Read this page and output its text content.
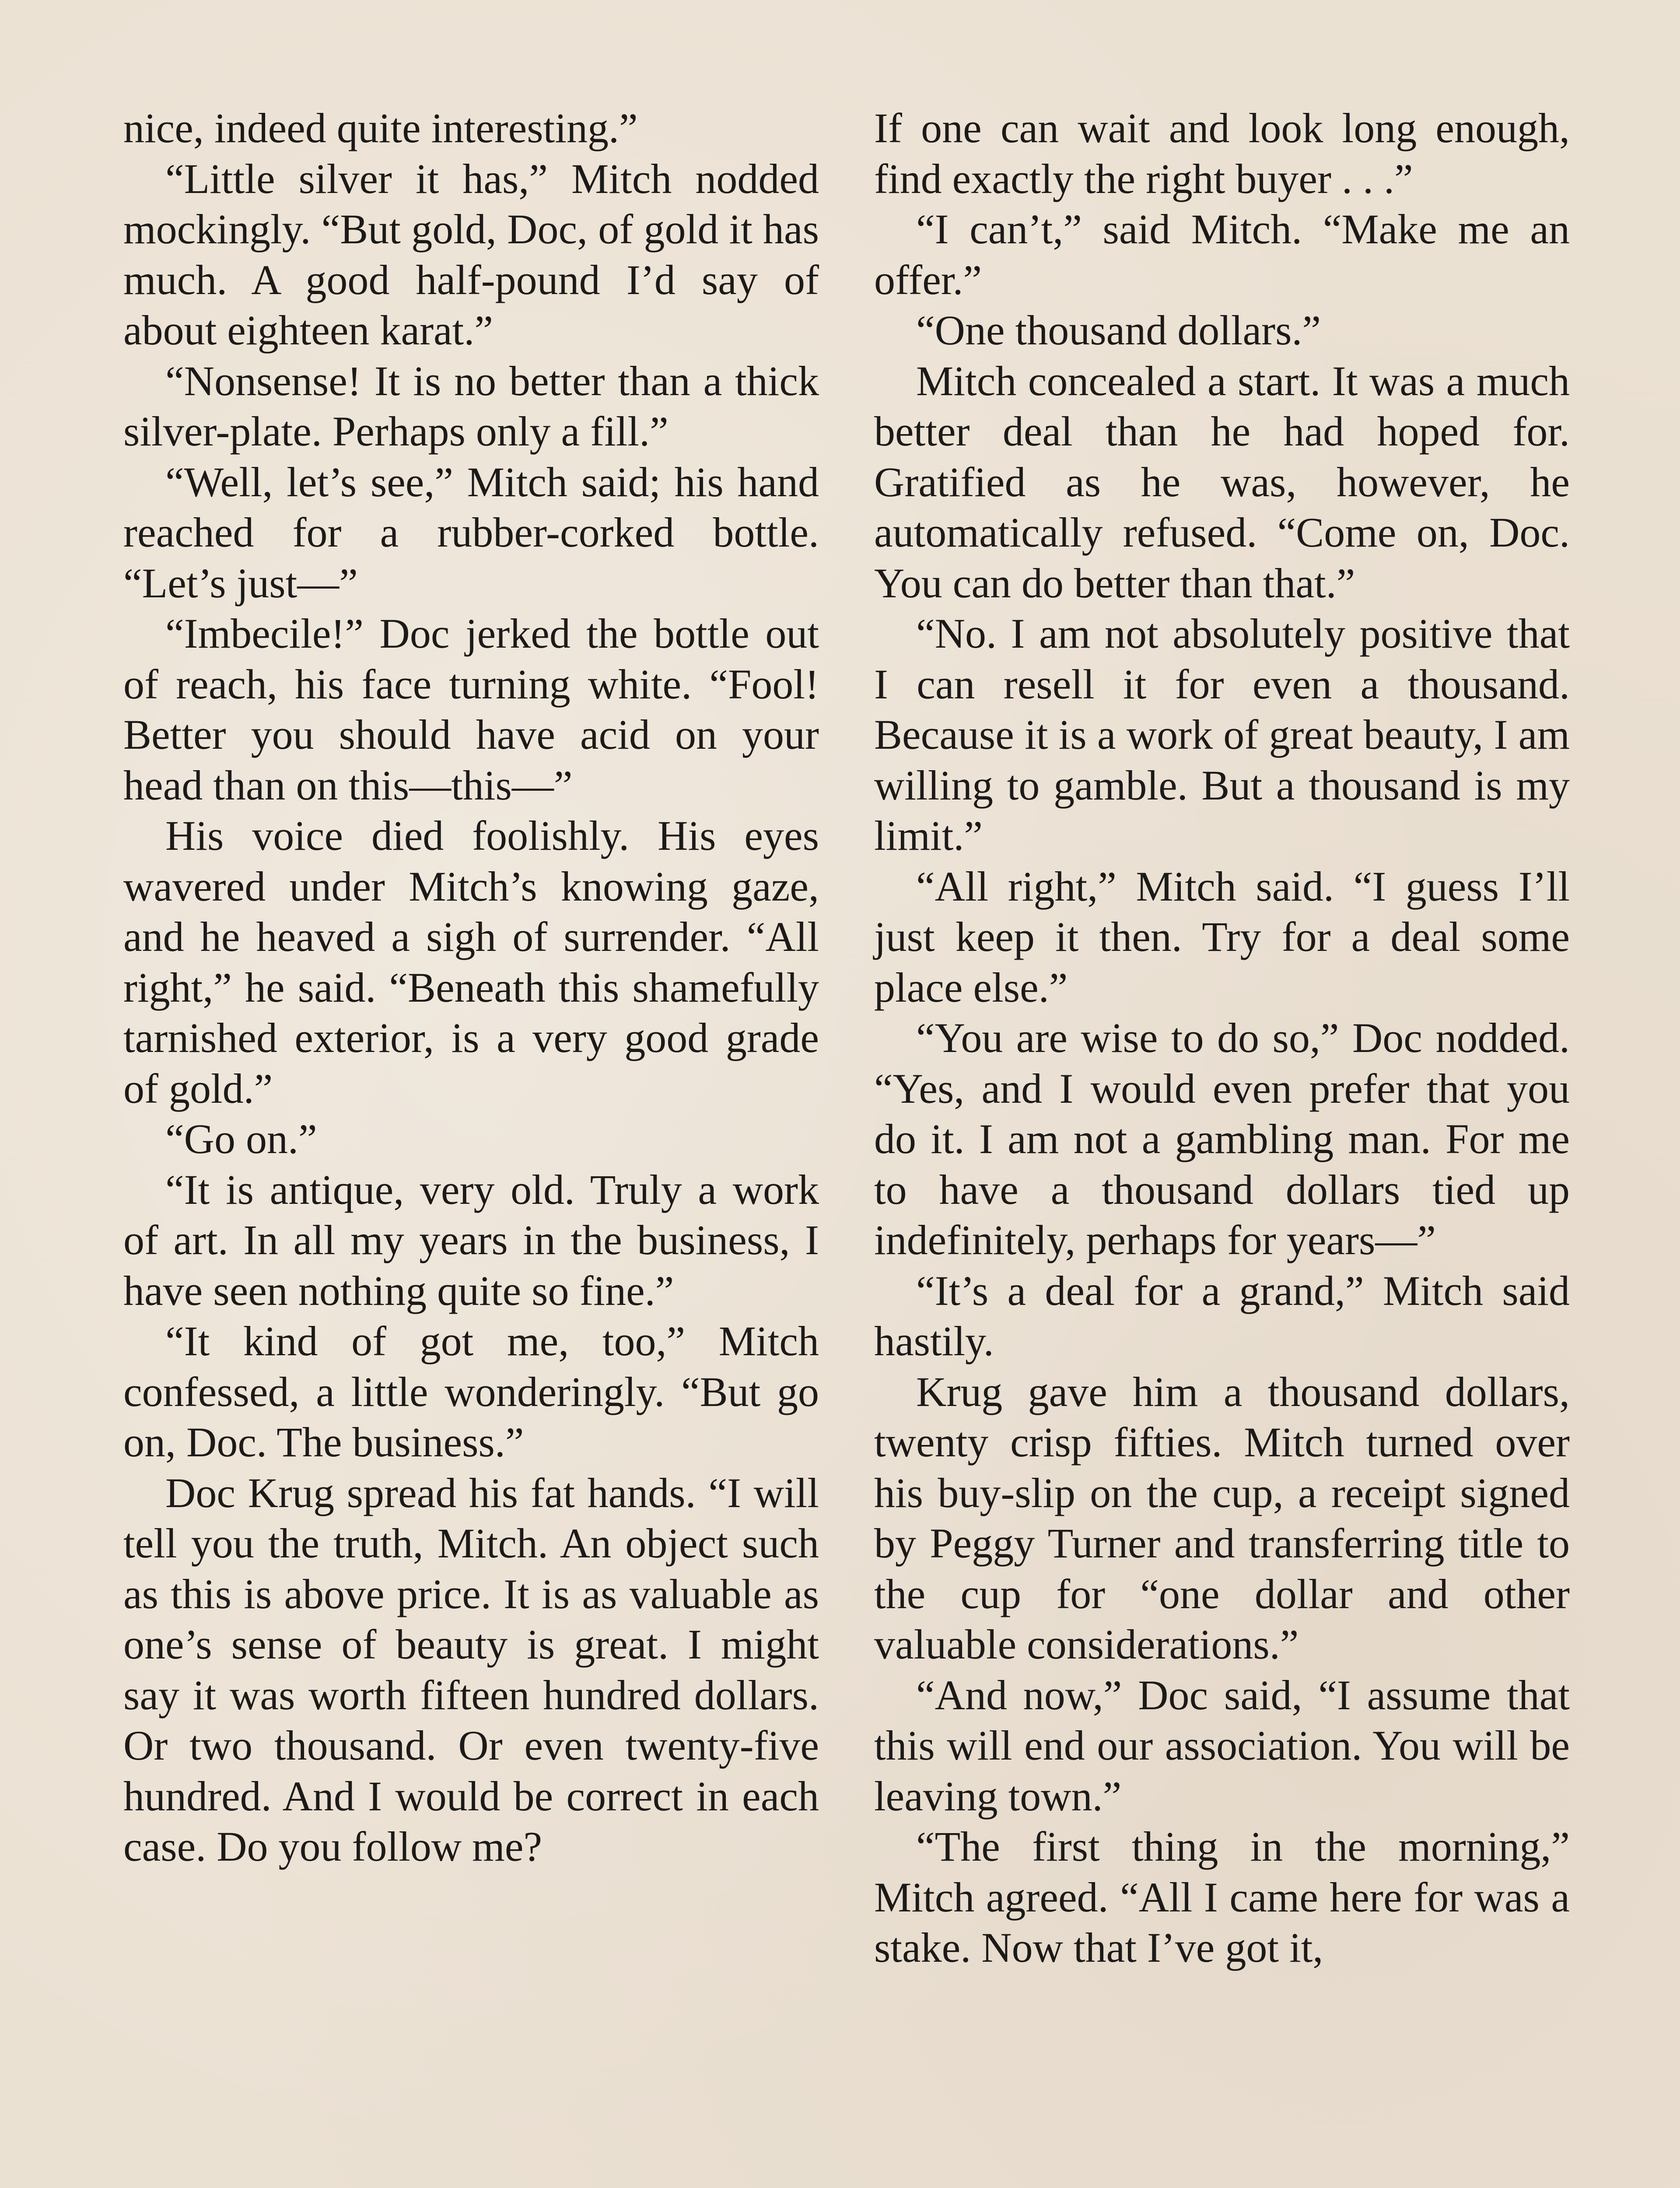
nice, indeed quite interesting.”

“Little silver it has,” Mitch nodded mockingly. “But gold, Doc, of gold it has much. A good half-pound I’d say of about eighteen karat.”

“Nonsense! It is no better than a thick silver-plate. Perhaps only a fill.”

“Well, let’s see,” Mitch said; his hand reached for a rubber-corked bottle. “Let’s just—”

“Imbecile!” Doc jerked the bottle out of reach, his face turning white. “Fool! Better you should have acid on your head than on this—this—”

His voice died foolishly. His eyes wavered under Mitch’s knowing gaze, and he heaved a sigh of surrender. “All right,” he said. “Beneath this shamefully tarnished exterior, is a very good grade of gold.”

“Go on.”

“It is antique, very old. Truly a work of art. In all my years in the business, I have seen nothing quite so fine.”

“It kind of got me, too,” Mitch confessed, a little wonderingly. “But go on, Doc. The business.”

Doc Krug spread his fat hands. “I will tell you the truth, Mitch. An object such as this is above price. It is as valuable as one’s sense of beauty is great. I might say it was worth fifteen hundred dollars. Or two thousand. Or even twenty-five hundred. And I would be correct in each case. Do you follow me?

If one can wait and look long enough, find exactly the right buyer . . .”

“I can’t,” said Mitch. “Make me an offer.”

“One thousand dollars.”

Mitch concealed a start. It was a much better deal than he had hoped for. Gratified as he was, however, he automatically refused. “Come on, Doc. You can do better than that.”

“No. I am not absolutely positive that I can resell it for even a thousand. Because it is a work of great beauty, I am willing to gamble. But a thousand is my limit.”

“All right,” Mitch said. “I guess I’ll just keep it then. Try for a deal some place else.”

“You are wise to do so,” Doc nodded. “Yes, and I would even prefer that you do it. I am not a gambling man. For me to have a thousand dollars tied up indefinitely, perhaps for years—”

“It’s a deal for a grand,” Mitch said hastily.

Krug gave him a thousand dollars, twenty crisp fifties. Mitch turned over his buy-slip on the cup, a receipt signed by Peggy Turner and transferring title to the cup for “one dollar and other valuable considerations.”

“And now,” Doc said, “I assume that this will end our association. You will be leaving town.”

“The first thing in the morning,” Mitch agreed. “All I came here for was a stake. Now that I’ve got it,
